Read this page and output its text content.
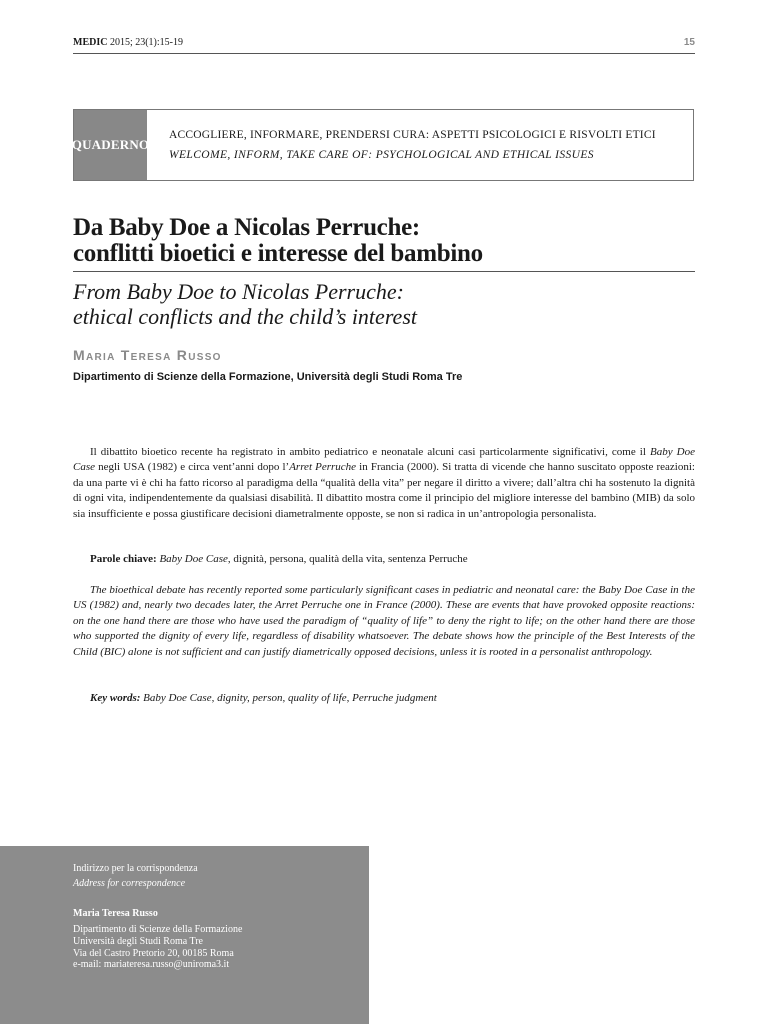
MEDIC 2015; 23(1):15-19	15
QUADERNO
ACCOGLIERE, INFORMARE, PRENDERSI CURA: ASPETTI PSICOLOGICI E RISVOLTI ETICI
WELCOME, INFORM, TAKE CARE OF: PSYCHOLOGICAL AND ETHICAL ISSUES
Da Baby Doe a Nicolas Perruche:
conflitti bioetici e interesse del bambino
From Baby Doe to Nicolas Perruche:
ethical conflicts and the child’s interest
Maria Teresa Russo
Dipartimento di Scienze della Formazione, Università degli Studi Roma Tre

Il dibattito bioetico recente ha registrato in ambito pediatrico e neonatale alcuni casi particolarmente significativi, come il Baby Doe Case negli USA (1982) e circa vent’anni dopo l’Arret Perruche in Francia (2000). Si tratta di vicende che hanno suscitato opposte reazioni: da una parte vi è chi ha fatto ricorso al paradigma della “qualità della vita” per negare il diritto a vivere; dall’altra chi ha sostenuto la dignità di ogni vita, indipendentemente da qualsiasi disabilità. Il dibattito mostra come il principio del migliore interesse del bambino (MIB) da solo sia insufficiente e possa giustificare decisioni diametralmente opposte, se non si radica in un’antropologia personalista.

Parole chiave: Baby Doe Case, dignità, persona, qualità della vita, sentenza Perruche

The bioethical debate has recently reported some particularly significant cases in pediatric and neonatal care: the Baby Doe Case in the US (1982) and, nearly two decades later, the Arret Perruche one in France (2000). These are events that have provoked opposite reactions: on the one hand there are those who have used the paradigm of “quality of life” to deny the right to life; on the other hand there are those who supported the dignity of every life, regardless of disability whatsoever. The debate shows how the principle of the Best Interests of the Child (BIC) alone is not sufficient and can justify diametrically opposed decisions, unless it is rooted in a personalist anthropology.

Key words: Baby Doe Case, dignity, person, quality of life, Perruche judgment

Indirizzo per la corrispondenza
Address for correspondence
Maria Teresa Russo
Dipartimento di Scienze della Formazione
Università degli Studi Roma Tre
Via del Castro Pretorio 20, 00185 Roma
e-mail: mariateresa.russo@uniroma3.it
